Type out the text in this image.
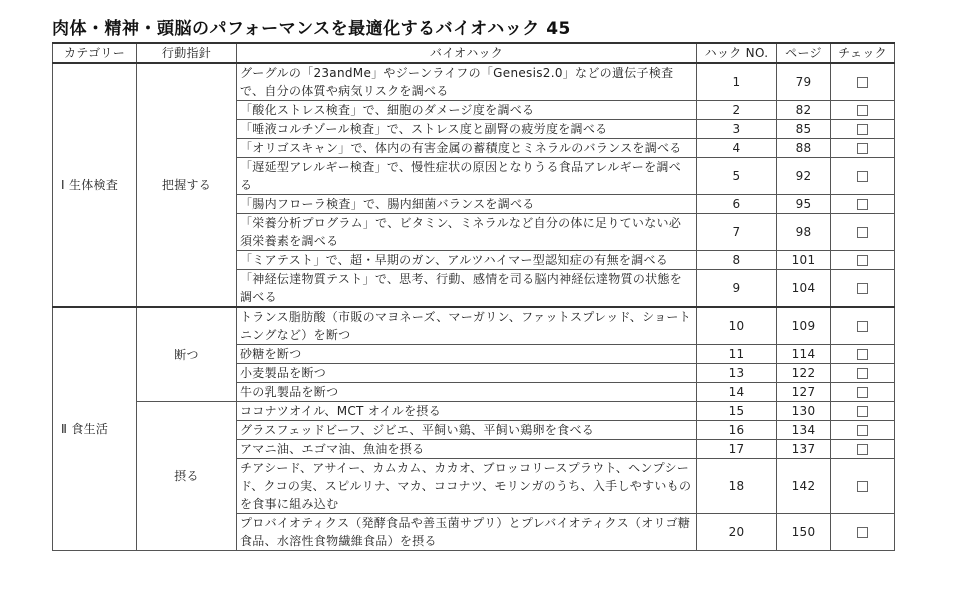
肉体・精神・頭脳のパフォーマンスを最適化するバイオハック 45
カテゴリー	行動指針	バイオハック	ハック NO.	ページ	チェック
Ⅰ 生体検査	把握する	グーグルの「23andMe」やジーンライフの「Genesis2.0」などの遺伝子検査で、自分の体質や病気リスクを調べる	1	79	
		「酸化ストレス検査」で、細胞のダメージ度を調べる	2	82	
		「唾液コルチゾール検査」で、ストレス度と副腎の疲労度を調べる	3	85	
		「オリゴスキャン」で、体内の有害金属の蓄積度とミネラルのバランスを調べる	4	88	
		「遅延型アレルギー検査」で、慢性症状の原因となりうる食品アレルギーを調べる	5	92	
		「腸内フローラ検査」で、腸内細菌バランスを調べる	6	95	
		「栄養分析プログラム」で、ビタミン、ミネラルなど自分の体に足りていない必須栄養素を調べる	7	98	
		「ミアテスト」で、超・早期のガン、アルツハイマー型認知症の有無を調べる	8	101	
		「神経伝達物質テスト」で、思考、行動、感情を司る脳内神経伝達物質の状態を調べる	9	104	
Ⅱ 食生活	断つ	トランス脂肪酸（市販のマヨネーズ、マーガリン、ファットスプレッド、ショートニングなど）を断つ	10	109	
		砂糖を断つ	11	114	
		小麦製品を断つ	13	122	
		牛の乳製品を断つ	14	127	
	摂る	ココナツオイル、MCT オイルを摂る	15	130	
		グラスフェッドビーフ、ジビエ、平飼い鶏、平飼い鶏卵を食べる	16	134	
		アマニ油、エゴマ油、魚油を摂る	17	137	
		チアシード、アサイー、カムカム、カカオ、ブロッコリースプラウト、ヘンプシード、クコの実、スピルリナ、マカ、ココナツ、モリンガのうち、入手しやすいものを食事に組み込む	18	142	
		プロバイオティクス（発酵食品や善玉菌サプリ）とプレバイオティクス（オリゴ糖食品、水溶性食物繊維食品）を摂る	20	150	
